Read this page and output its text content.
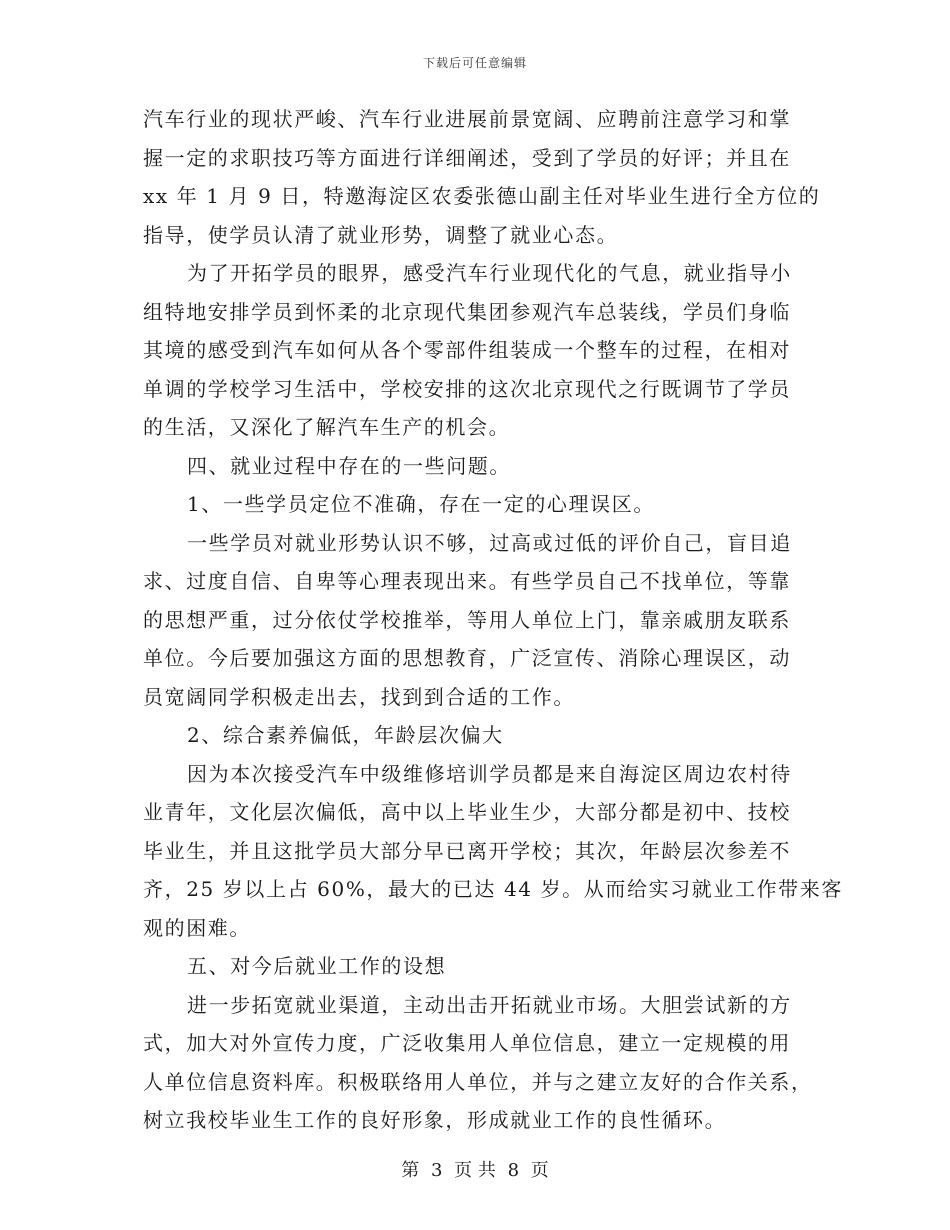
下载后可任意编辑
汽车行业的现状严峻、汽车行业进展前景宽阔、应聘前注意学习和掌
握一定的求职技巧等方面进行详细阐述，受到了学员的好评；并且在
xx 年 1 月 9 日，特邀海淀区农委张德山副主任对毕业生进行全方位的
指导，使学员认清了就业形势，调整了就业心态。
为了开拓学员的眼界，感受汽车行业现代化的气息，就业指导小
组特地安排学员到怀柔的北京现代集团参观汽车总装线，学员们身临
其境的感受到汽车如何从各个零部件组装成一个整车的过程，在相对
单调的学校学习生活中，学校安排的这次北京现代之行既调节了学员
的生活，又深化了解汽车生产的机会。
四、就业过程中存在的一些问题。
1、一些学员定位不准确，存在一定的心理误区。
一些学员对就业形势认识不够，过高或过低的评价自己，盲目追
求、过度自信、自卑等心理表现出来。有些学员自己不找单位，等靠
的思想严重，过分依仗学校推举，等用人单位上门，靠亲戚朋友联系
单位。今后要加强这方面的思想教育，广泛宣传、消除心理误区，动
员宽阔同学积极走出去，找到到合适的工作。
2、综合素养偏低，年龄层次偏大
因为本次接受汽车中级维修培训学员都是来自海淀区周边农村待
业青年，文化层次偏低，高中以上毕业生少，大部分都是初中、技校
毕业生，并且这批学员大部分早已离开学校；其次，年龄层次参差不
齐，25 岁以上占 60%，最大的已达 44 岁。从而给实习就业工作带来客
观的困难。
五、对今后就业工作的设想
进一步拓宽就业渠道，主动出击开拓就业市场。大胆尝试新的方
式，加大对外宣传力度，广泛收集用人单位信息，建立一定规模的用
人单位信息资料库。积极联络用人单位，并与之建立友好的合作关系，
树立我校毕业生工作的良好形象，形成就业工作的良性循环。
第 3 页 共 8 页
